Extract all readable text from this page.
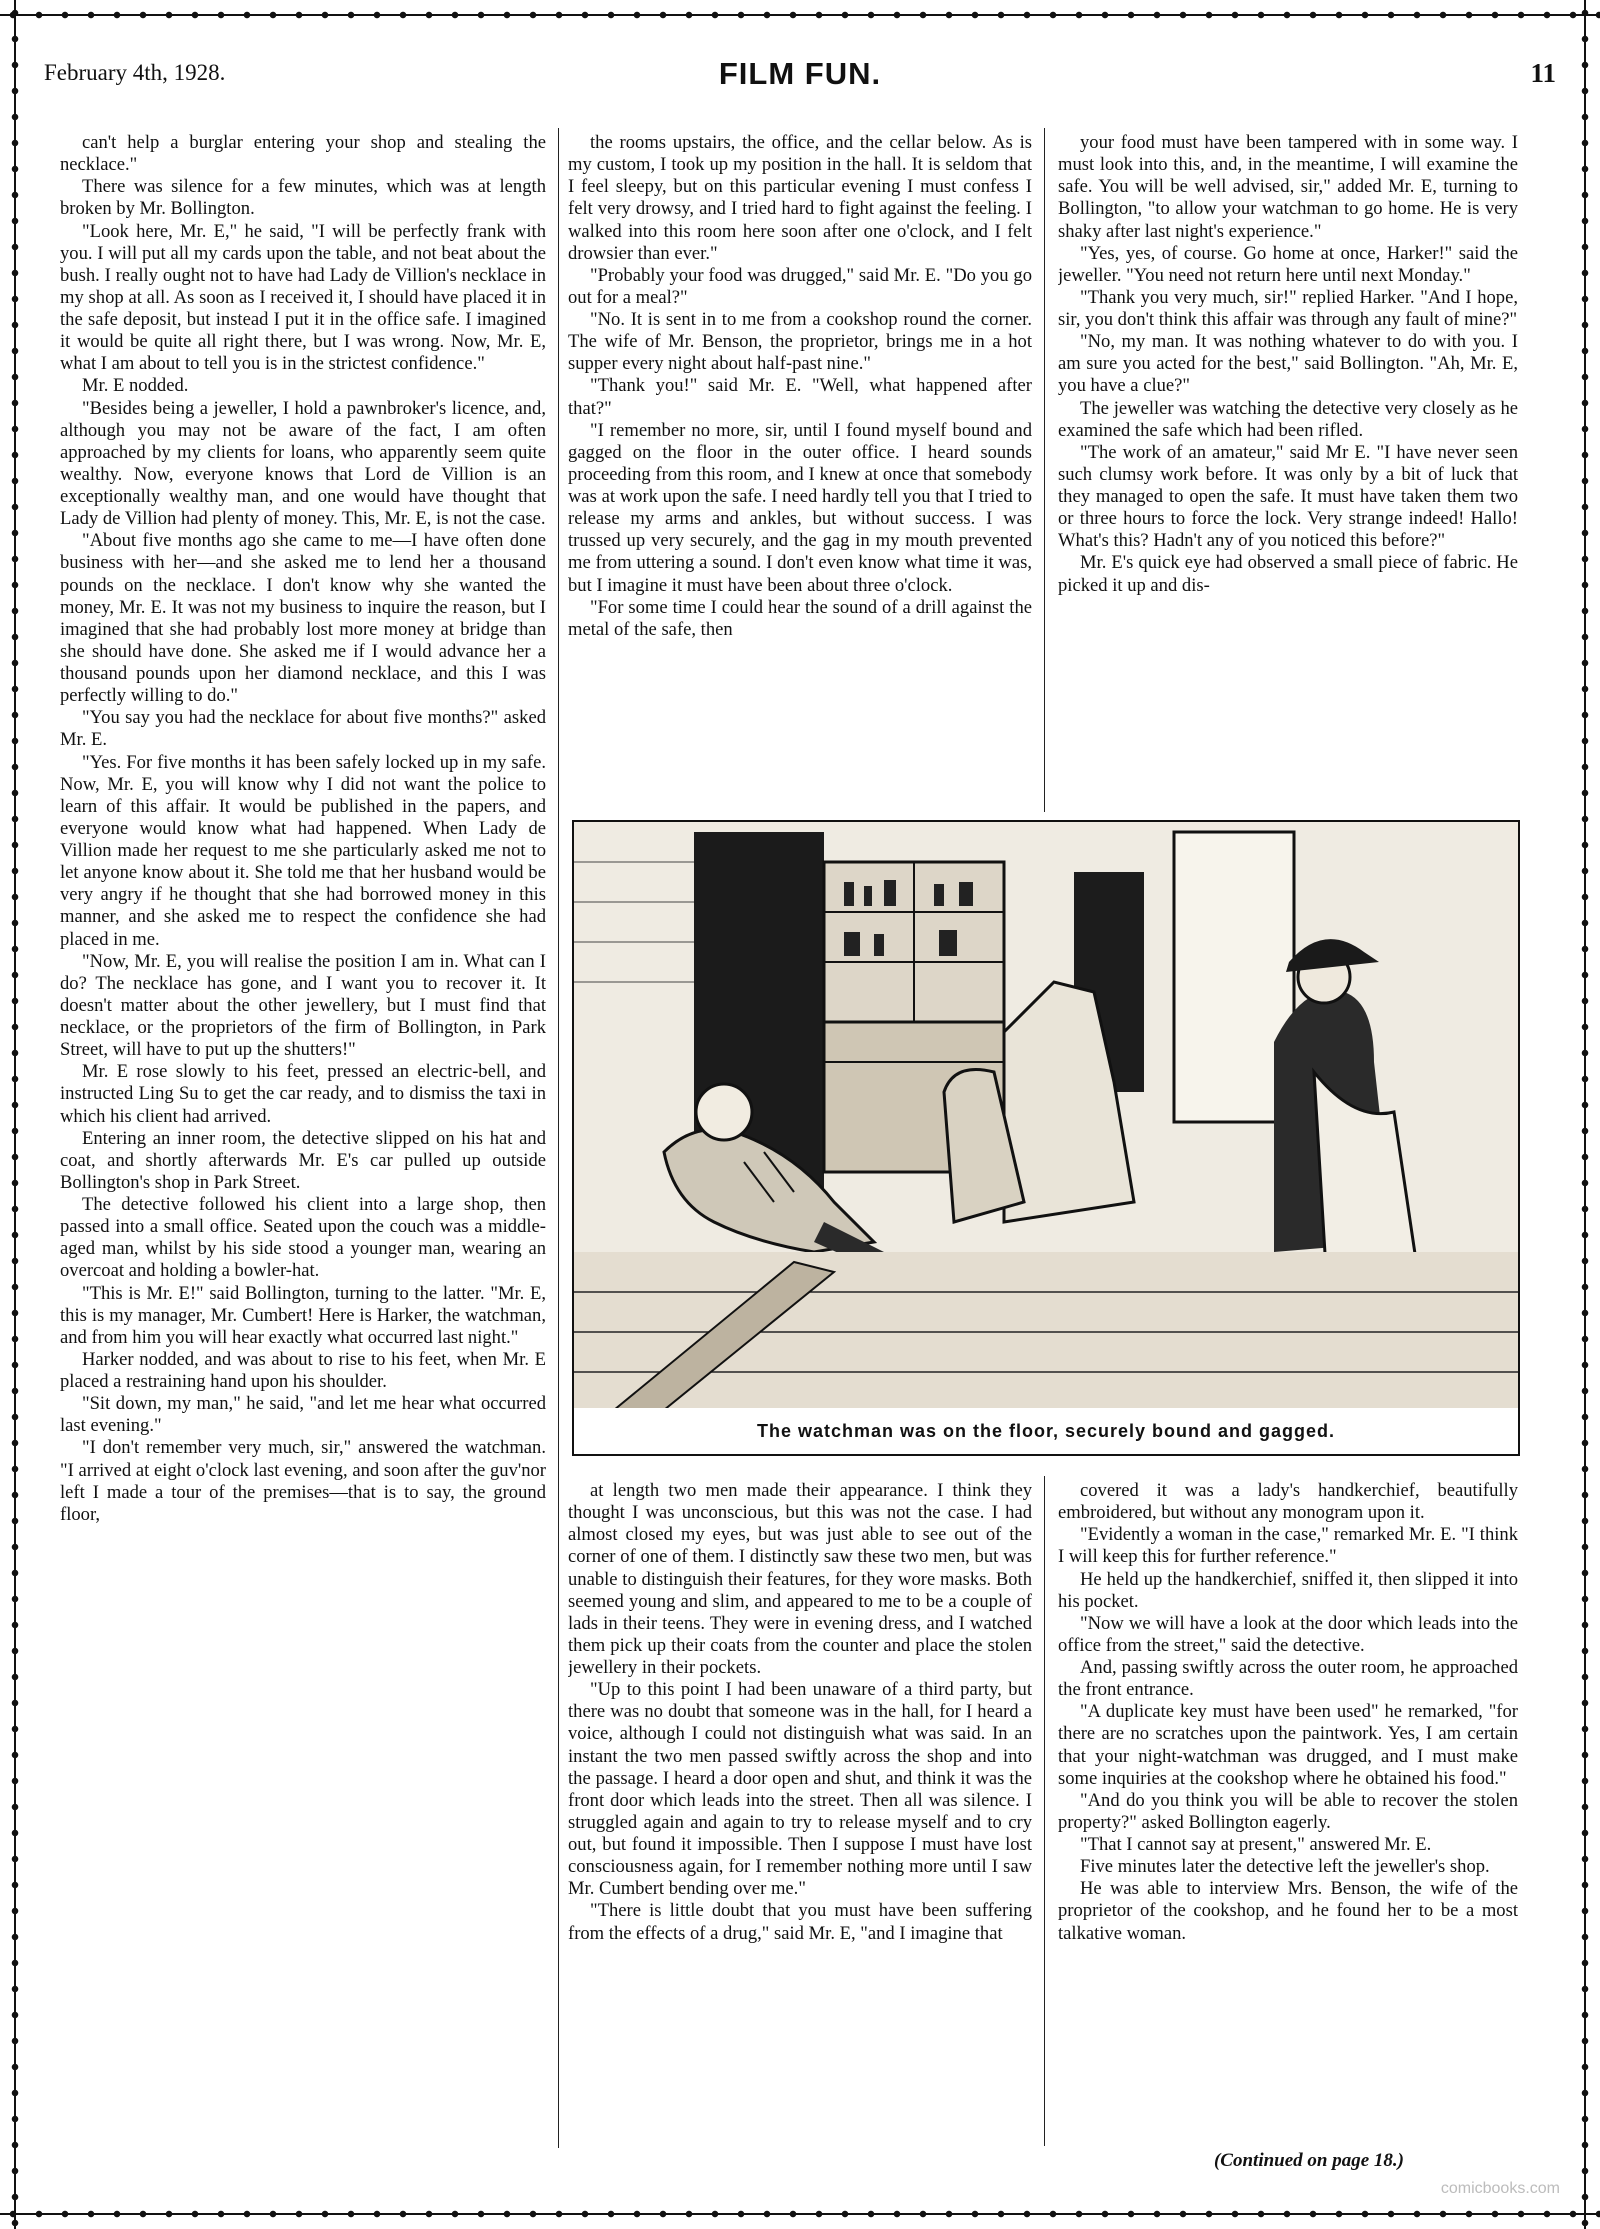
February 4th, 1928.	FILM FUN.	11

can't help a burglar entering your shop and stealing the necklace."

There was silence for a few minutes, which was at length broken by Mr. Bollington.

"Look here, Mr. E," he said, "I will be perfectly frank with you. I will put all my cards upon the table, and not beat about the bush. I really ought not to have had Lady de Villion's necklace in my shop at all. As soon as I received it, I should have placed it in the safe deposit, but instead I put it in the office safe. I imagined it would be quite all right there, but I was wrong. Now, Mr. E, what I am about to tell you is in the strictest confidence."

Mr. E nodded.

"Besides being a jeweller, I hold a pawnbroker's licence, and, although you may not be aware of the fact, I am often approached by my clients for loans, who apparently seem quite wealthy. Now, everyone knows that Lord de Villion is an exceptionally wealthy man, and one would have thought that Lady de Villion had plenty of money. This, Mr. E, is not the case.

"About five months ago she came to me—I have often done business with her—and she asked me to lend her a thousand pounds on the necklace. I don't know why she wanted the money, Mr. E. It was not my business to inquire the reason, but I imagined that she had probably lost more money at bridge than she should have done. She asked me if I would advance her a thousand pounds upon her diamond necklace, and this I was perfectly willing to do."

"You say you had the necklace for about five months?" asked Mr. E.

"Yes. For five months it has been safely locked up in my safe. Now, Mr. E, you will know why I did not want the police to learn of this affair. It would be published in the papers, and everyone would know what had happened. When Lady de Villion made her request to me she particularly asked me not to let anyone know about it. She told me that her husband would be very angry if he thought that she had borrowed money in this manner, and she asked me to respect the confidence she had placed in me.

"Now, Mr. E, you will realise the position I am in. What can I do? The necklace has gone, and I want you to recover it. It doesn't matter about the other jewellery, but I must find that necklace, or the proprietors of the firm of Bollington, in Park Street, will have to put up the shutters!"

Mr. E rose slowly to his feet, pressed an electric-bell, and instructed Ling Su to get the car ready, and to dismiss the taxi in which his client had arrived.

Entering an inner room, the detective slipped on his hat and coat, and shortly afterwards Mr. E's car pulled up outside Bollington's shop in Park Street.

The detective followed his client into a large shop, then passed into a small office. Seated upon the couch was a middle-aged man, whilst by his side stood a younger man, wearing an overcoat and holding a bowler-hat.

"This is Mr. E!" said Bollington, turning to the latter. "Mr. E, this is my manager, Mr. Cumbert! Here is Harker, the watchman, and from him you will hear exactly what occurred last night."

Harker nodded, and was about to rise to his feet, when Mr. E placed a restraining hand upon his shoulder.

"Sit down, my man," he said, "and let me hear what occurred last evening."

"I don't remember very much, sir," answered the watchman. "I arrived at eight o'clock last evening, and soon after the guv'nor left I made a tour of the premises—that is to say, the ground floor,

the rooms upstairs, the office, and the cellar below. As is my custom, I took up my position in the hall. It is seldom that I feel sleepy, but on this particular evening I must confess I felt very drowsy, and I tried hard to fight against the feeling. I walked into this room here soon after one o'clock, and I felt drowsier than ever."

"Probably your food was drugged," said Mr. E. "Do you go out for a meal?"

"No. It is sent in to me from a cookshop round the corner. The wife of Mr. Benson, the proprietor, brings me in a hot supper every night about half-past nine."

"Thank you!" said Mr. E. "Well, what happened after that?"

"I remember no more, sir, until I found myself bound and gagged on the floor in the outer office. I heard sounds proceeding from this room, and I knew at once that somebody was at work upon the safe. I need hardly tell you that I tried to release my arms and ankles, but without success. I was trussed up very securely, and the gag in my mouth prevented me from uttering a sound. I don't even know what time it was, but I imagine it must have been about three o'clock.

"For some time I could hear the sound of a drill against the metal of the safe, then

your food must have been tampered with in some way. I must look into this, and, in the meantime, I will examine the safe. You will be well advised, sir," added Mr. E, turning to Bollington, "to allow your watchman to go home. He is very shaky after last night's experience."

"Yes, yes, of course. Go home at once, Harker!" said the jeweller. "You need not return here until next Monday."

"Thank you very much, sir!" replied Harker. "And I hope, sir, you don't think this affair was through any fault of mine?"

"No, my man. It was nothing whatever to do with you. I am sure you acted for the best," said Bollington. "Ah, Mr. E, you have a clue?"

The jeweller was watching the detective very closely as he examined the safe which had been rifled.

"The work of an amateur," said Mr E. "I have never seen such clumsy work before. It was only by a bit of luck that they managed to open the safe. It must have taken them two or three hours to force the lock. Very strange indeed! Hallo! What's this? Hadn't any of you noticed this before?"

Mr. E's quick eye had observed a small piece of fabric. He picked it up and dis-

The watchman was on the floor, securely bound and gagged.

at length two men made their appearance. I think they thought I was unconscious, but this was not the case. I had almost closed my eyes, but was just able to see out of the corner of one of them. I distinctly saw these two men, but was unable to distinguish their features, for they wore masks. Both seemed young and slim, and appeared to me to be a couple of lads in their teens. They were in evening dress, and I watched them pick up their coats from the counter and place the stolen jewellery in their pockets.

"Up to this point I had been unaware of a third party, but there was no doubt that someone was in the hall, for I heard a voice, although I could not distinguish what was said. In an instant the two men passed swiftly across the shop and into the passage. I heard a door open and shut, and think it was the front door which leads into the street. Then all was silence. I struggled again and again to try to release myself and to cry out, but found it impossible. Then I suppose I must have lost consciousness again, for I remember nothing more until I saw Mr. Cumbert bending over me."

"There is little doubt that you must have been suffering from the effects of a drug," said Mr. E, "and I imagine that

covered it was a lady's handkerchief, beautifully embroidered, but without any monogram upon it.

"Evidently a woman in the case," remarked Mr. E. "I think I will keep this for further reference."

He held up the handkerchief, sniffed it, then slipped it into his pocket.

"Now we will have a look at the door which leads into the office from the street," said the detective.

And, passing swiftly across the outer room, he approached the front entrance.

"A duplicate key must have been used" he remarked, "for there are no scratches upon the paintwork. Yes, I am certain that your night-watchman was drugged, and I must make some inquiries at the cookshop where he obtained his food."

"And do you think you will be able to recover the stolen property?" asked Bollington eagerly.

"That I cannot say at present," answered Mr. E.

Five minutes later the detective left the jeweller's shop.

He was able to interview Mrs. Benson, the wife of the proprietor of the cookshop, and he found her to be a most talkative woman.

(Continued on page 18.)
comicbooks.com
